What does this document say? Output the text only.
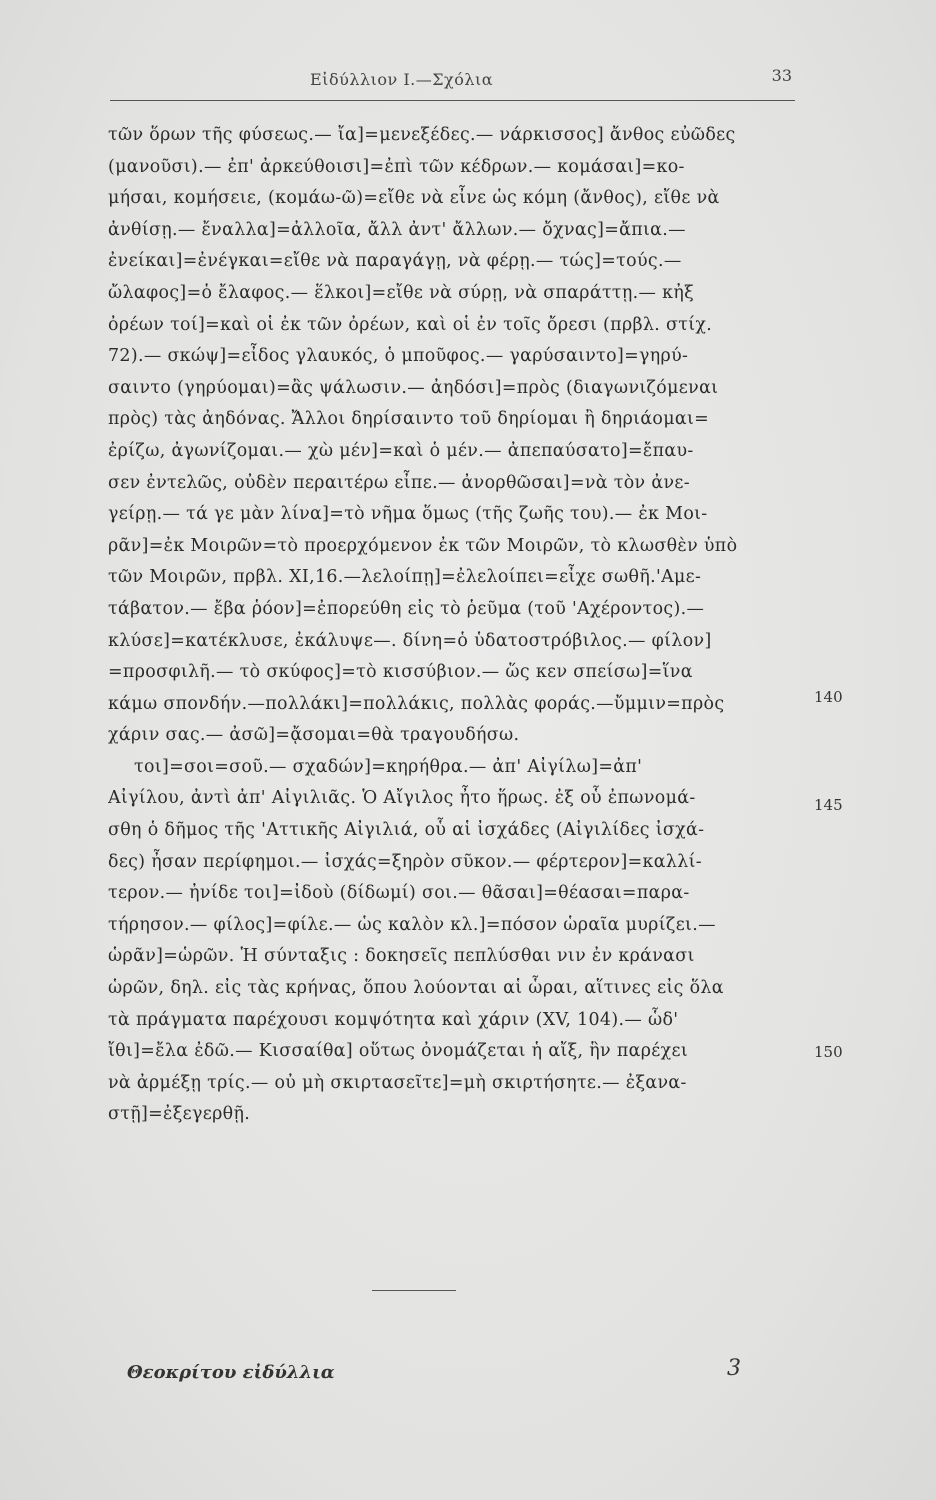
Εἰδύλλιον Ι.—Σχόλια	33
τῶν ὅρων τῆς φύσεως.— ἴα]=μενεξέδες.— νάρκισσος] ἄνθος εὐῶδες
(μανοῦσι).— ἐπ' ἀρκεύθοισι]=ἐπὶ τῶν κέδρων.— κομάσαι]=κο-
μήσαι, κομήσειε, (κομάω-ῶ)=εἴθε νὰ εἶνε ὡς κόμη (ἄνθος), εἴθε νὰ
ἀνθίσῃ.— ἔναλλα]=ἀλλοῖα, ἄλλ ἀντ' ἄλλων.— ὄχνας]=ἄπια.—
ἐνείκαι]=ἐνέγκαι=εἴθε νὰ παραγάγῃ, νὰ φέρῃ.— τώς]=τούς.—
ὤλαφος]=ὁ ἔλαφος.— ἕλκοι]=εἴθε νὰ σύρῃ, νὰ σπαράττῃ.— κἠξ
ὀρέων τοί]=καὶ οἱ ἐκ τῶν ὀρέων, καὶ οἱ ἐν τοῖς ὄρεσι (πρβλ. στίχ.
72).— σκώψ]=εἶδος γλαυκός, ὁ μποῦφος.— γαρύσαιντο]=γηρύ-
σαιντο (γηρύομαι)=ἂς ψάλωσιν.— ἀηδόσι]=πρὸς (διαγωνιζόμεναι
πρὸς) τὰς ἀηδόνας. Ἄλλοι δηρίσαιντο τοῦ δηρίομαι ἢ δηριάομαι=
ἐρίζω, ἀγωνίζομαι.— χὼ μέν]=καὶ ὁ μέν.— ἀπεπαύσατο]=ἔπαυ-
σεν ἐντελῶς, οὐδὲν περαιτέρω εἶπε.— ἀνορθῶσαι]=νὰ τὸν ἀνε-
γείρῃ.— τά γε μὰν λίνα]=τὸ νῆμα ὅμως (τῆς ζωῆς του).— ἐκ Μοι-
ρᾶν]=ἐκ Μοιρῶν=τὸ προερχόμενον ἐκ τῶν Μοιρῶν, τὸ κλωσθὲν ὑπὸ
τῶν Μοιρῶν, πρβλ. XI,16.—λελοίπῃ]=ἐλελοίπει=εἶχε σωθῆ.'Αμε-
τάβατον.— ἔβα ῥόον]=ἐπορεύθη εἰς τὸ ῥεῦμα (τοῦ 'Αχέροντος).—
κλύσε]=κατέκλυσε, ἐκάλυψε—. δίνη=ὁ ὑδατοστρόβιλος.— φίλον]
=προσφιλῆ.— τὸ σκύφος]=τὸ κισσύβιον.— ὥς κεν σπείσω]=ἵνα
κάμω σπονδήν.—πολλάκι]=πολλάκις, πολλὰς φοράς.—ὔμμιν=πρὸς
χάριν σας.— ἀσῶ]=ᾄσομαι=θὰ τραγουδήσω.
τοι]=σοι=σοῦ.— σχαδών]=κηρήθρα.— ἀπ' Αἰγίλω]=ἀπ'
Αἰγίλου, ἀντὶ ἀπ' Αἰγιλιᾶς. Ὁ Αἴγιλος ἦτο ἥρως. ἐξ οὗ ἐπωνομά-
σθη ὁ δῆμος τῆς 'Αττικῆς Αἰγιλιά, οὗ αἱ ἰσχάδες (Αἰγιλίδες ἰσχά-
δες) ἦσαν περίφημοι.— ἰσχάς=ξηρὸν σῦκον.— φέρτερον]=καλλί-
τερον.— ἠνίδε τοι]=ἰδοὺ (δίδωμί) σοι.— θᾶσαι]=θέασαι=παρα-
τήρησον.— φίλος]=φίλε.— ὡς καλὸν κλ.]=πόσον ὡραῖα μυρίζει.—
ὡρᾶν]=ὡρῶν. Ἡ σύνταξις : δοκησεῖς πεπλύσθαι νιν ἐν κράνασι
ὡρῶν, δηλ. εἰς τὰς κρήνας, ὅπου λούονται αἱ ὧραι, αἵτινες εἰς ὅλα
τὰ πράγματα παρέχουσι κομψότητα καὶ χάριν (XV, 104).— ὧδ'
ἴθι]=ἔλα ἐδῶ.— Κισσαίθα] οὕτως ὀνομάζεται ἡ αἴξ, ἣν παρέχει
νὰ ἀρμέξῃ τρίς.— οὐ μὴ σκιρτασεῖτε]=μὴ σκιρτήσητε.— ἐξανα-
στῇ]=ἐξεγερθῇ.
140
145
150
Θεοκρίτου εἰδύλλια	3
